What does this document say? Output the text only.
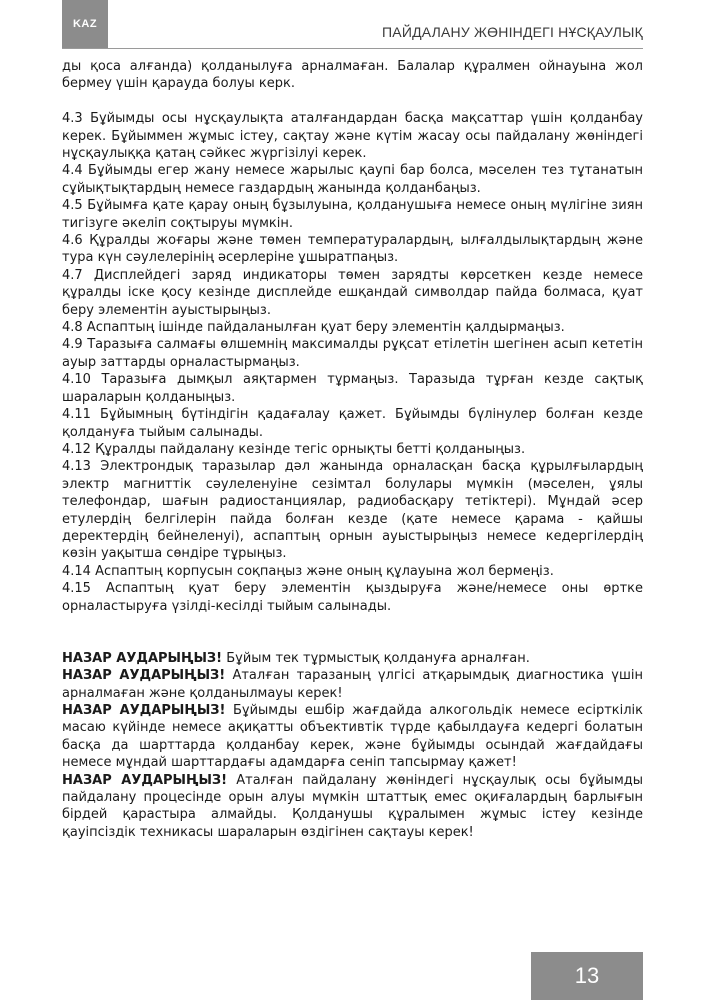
KAZ	ПАЙДАЛАНУ ЖӨНІНДЕГІ НҰСҚАУЛЫҚ

ды қоса алғанда) қолданылуға арналмаған. Балалар құралмен ойнауына жол бермеу үшін қарауда болуы керк.

4.3 Бұйымды осы нұсқаулықта аталғандардан басқа мақсаттар үшін қолданбау керек. Бұйыммен жұмыс істеу, сақтау және күтім жасау осы пайдалану жөніндегі нұсқаулыққа қатаң сәйкес жүргізілуі керек.

4.4 Бұйымды егер жану немесе жарылыс қаупі бар болса, мәселен тез тұтанатын сұйықтықтардың немесе газдардың жанында қолданбаңыз.

4.5 Бұйымға қате қарау оның бұзылуына, қолданушыға немесе оның мүлігіне зиян тигізуге әкеліп соқтыруы мүмкін.

4.6 Құралды жоғары және төмен температуралардың, ылғалдылықтардың және тура күн сәулелерінің әсерлеріне ұшыратпаңыз.

4.7 Дисплейдегі заряд индикаторы төмен зарядты көрсеткен кезде немесе құралды іске қосу кезінде дисплейде ешқандай символдар пайда болмаса, қуат беру элементін ауыстырыңыз.

4.8 Аспаптың ішінде пайдаланылған қуат беру элементін қалдырмаңыз.

4.9 Таразыға салмағы өлшемнің максималды рұқсат етілетін шегінен асып кететін ауыр заттарды орналастырмаңыз.

4.10 Таразыға дымқыл аяқтармен тұрмаңыз. Таразыда тұрған кезде сақтық шараларын қолданыңыз.

4.11 Бұйымның бүтіндігін қадағалау қажет. Бұйымды бүлінулер болған кезде қолдануға тыйым салынады.

4.12 Құралды пайдалану кезінде тегіс орнықты бетті қолданыңыз.

4.13 Электрондық таразылар дәл жанында орналасқан басқа құрылғылардың электр магниттік сәулеленуіне сезімтал болулары мүмкін (мәселен, ұялы телефондар, шағын радиостанциялар, радиобасқару тетіктері). Мұндай әсер етулердің белгілерін пайда болған кезде (қате немесе қарама - қайшы деректердің бейнеленуі), аспаптың орнын ауыстырыңыз немесе кедергілердің көзін уақытша сөндіре тұрыңыз.

4.14 Аспаптың корпусын соқпаңыз және оның құлауына жол бермеңіз.

4.15 Аспаптың қуат беру элементін қыздыруға және/немесе оны өртке орналастыруға үзілді-кесілді тыйым салынады.

НАЗАР АУДАРЫҢЫЗ! Бұйым тек тұрмыстық қолдануға арналған.

НАЗАР АУДАРЫҢЫЗ! Аталған таразаның үлгісі атқарымдық диагностика үшін арналмаған және қолданылмауы керек!

НАЗАР АУДАРЫҢЫЗ! Бұйымды ешбір жағдайда алкогольдік немесе есірткілік масаю күйінде немесе ақиқатты объективтік түрде қабылдауға кедергі болатын басқа да шарттарда қолданбау керек, және бұйымды осындай жағдайдағы немесе мұндай шарттардағы адамдарға сеніп тапсырмау қажет!

НАЗАР АУДАРЫҢЫЗ! Аталған пайдалану жөніндегі нұсқаулық осы бұйымды пайдалану процесінде орын алуы мүмкін штаттық емес оқиғалардың барлығын бірдей қарастыра алмайды. Қолданушы құралымен жұмыс істеу кезінде қауіпсіздік техникасы шараларын өздігінен сақтауы керек!

13
